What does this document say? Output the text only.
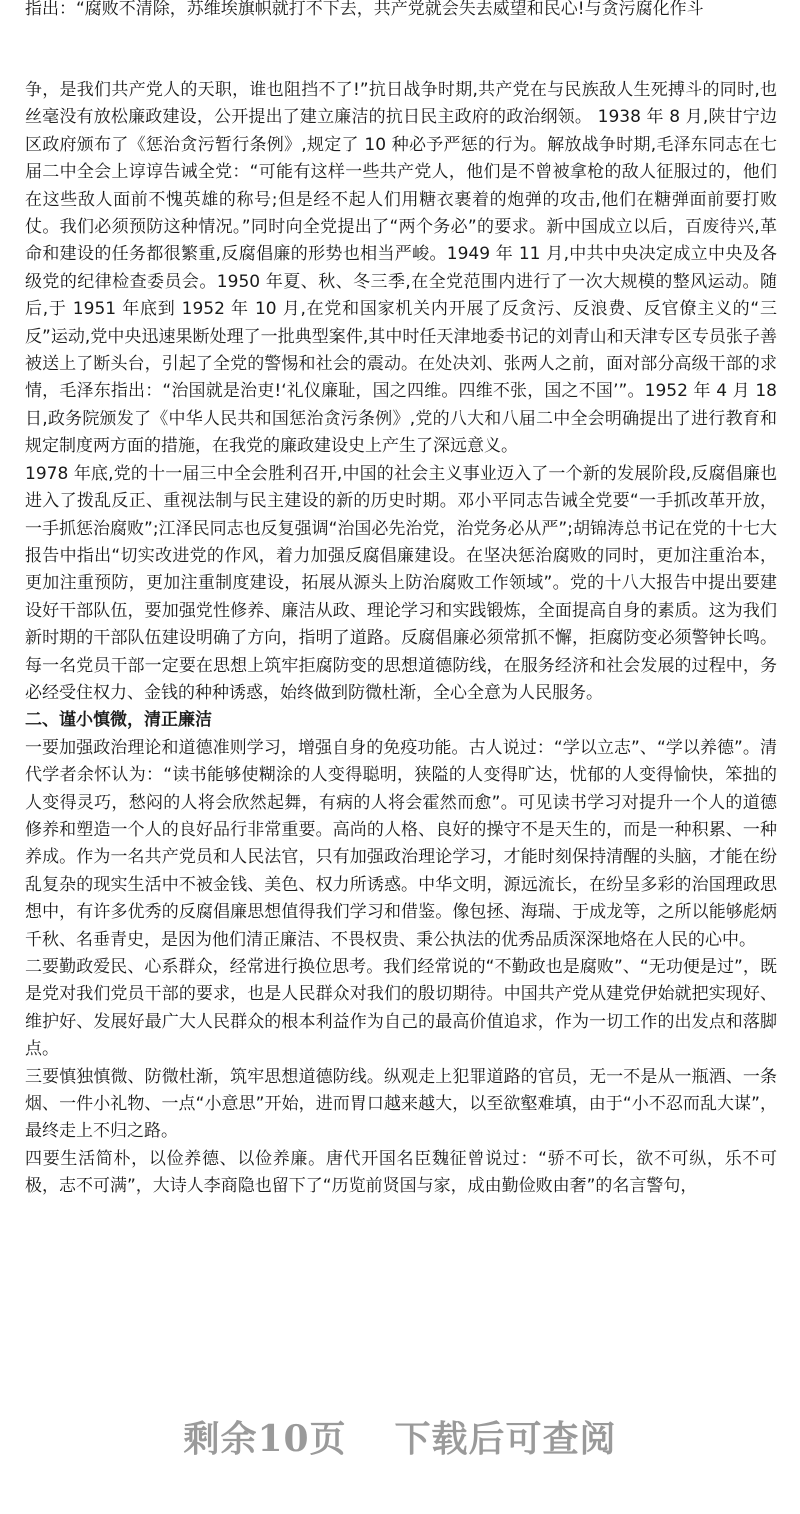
指出：“腐败不清除，苏维埃旗帜就打不下去，共产党就会失去威望和民心!与贪污腐化作斗

争，是我们共产党人的天职，谁也阻挡不了!”抗日战争时期,共产党在与民族敌人生死搏斗的同时,也丝毫没有放松廉政建设，公开提出了建立廉洁的抗日民主政府的政治纲领。 1938 年 8 月,陕甘宁边区政府颁布了《惩治贪污暂行条例》,规定了 10 种必予严惩的行为。解放战争时期,毛泽东同志在七届二中全会上谆谆告诫全党：“可能有这样一些共产党人，他们是不曾被拿枪的敌人征服过的，他们在这些敌人面前不愧英雄的称号;但是经不起人们用糖衣裹着的炮弹的攻击,他们在糖弹面前要打败仗。我们必须预防这种情况。”同时向全党提出了“两个务必”的要求。新中国成立以后，百废待兴,革命和建设的任务都很繁重,反腐倡廉的形势也相当严峻。1949 年 11 月,中共中央决定成立中央及各级党的纪律检查委员会。1950 年夏、秋、冬三季,在全党范围内进行了一次大规模的整风运动。随后,于 1951 年底到 1952 年 10 月,在党和国家机关内开展了反贪污、反浪费、反官僚主义的“三反”运动,党中央迅速果断处理了一批典型案件,其中时任天津地委书记的刘青山和天津专区专员张子善被送上了断头台，引起了全党的警惕和社会的震动。在处决刘、张两人之前，面对部分高级干部的求情，毛泽东指出：“治国就是治吏!‘礼仪廉耻，国之四维。四维不张，国之不国’”。1952 年 4 月 18 日,政务院颁发了《中华人民共和国惩治贪污条例》,党的八大和八届二中全会明确提出了进行教育和规定制度两方面的措施，在我党的廉政建设史上产生了深远意义。

1978 年底,党的十一届三中全会胜利召开,中国的社会主义事业迈入了一个新的发展阶段,反腐倡廉也进入了拨乱反正、重视法制与民主建设的新的历史时期。邓小平同志告诫全党要“一手抓改革开放，一手抓惩治腐败”;江泽民同志也反复强调“治国必先治党，治党务必从严”;胡锦涛总书记在党的十七大报告中指出“切实改进党的作风，着力加强反腐倡廉建设。在坚决惩治腐败的同时，更加注重治本，更加注重预防，更加注重制度建设，拓展从源头上防治腐败工作领域”。党的十八大报告中提出要建设好干部队伍，要加强党性修养、廉洁从政、理论学习和实践锻炼，全面提高自身的素质。这为我们新时期的干部队伍建设明确了方向，指明了道路。反腐倡廉必须常抓不懈，拒腐防变必须警钟长鸣。每一名党员干部一定要在思想上筑牢拒腐防变的思想道德防线，在服务经济和社会发展的过程中，务必经受住权力、金钱的种种诱惑，始终做到防微杜渐，全心全意为人民服务。

二、谨小慎微，清正廉洁

一要加强政治理论和道德准则学习，增强自身的免疫功能。古人说过：“学以立志”、“学以养德”。清代学者余怀认为：“读书能够使糊涂的人变得聪明，狭隘的人变得旷达，忧郁的人变得愉快，笨拙的人变得灵巧，愁闷的人将会欣然起舞，有病的人将会霍然而愈”。可见读书学习对提升一个人的道德修养和塑造一个人的良好品行非常重要。高尚的人格、良好的操守不是天生的，而是一种积累、一种养成。作为一名共产党员和人民法官，只有加强政治理论学习，才能时刻保持清醒的头脑，才能在纷乱复杂的现实生活中不被金钱、美色、权力所诱惑。中华文明，源远流长，在纷呈多彩的治国理政思想中，有许多优秀的反腐倡廉思想值得我们学习和借鉴。像包拯、海瑞、于成龙等，之所以能够彪炳千秋、名垂青史，是因为他们清正廉洁、不畏权贵、秉公执法的优秀品质深深地烙在人民的心中。

二要勤政爱民、心系群众，经常进行换位思考。我们经常说的“不勤政也是腐败”、“无功便是过”，既是党对我们党员干部的要求，也是人民群众对我们的殷切期待。中国共产党从建党伊始就把实现好、维护好、发展好最广大人民群众的根本利益作为自己的最高价值追求，作为一切工作的出发点和落脚点。

三要慎独慎微、防微杜渐，筑牢思想道德防线。纵观走上犯罪道路的官员，无一不是从一瓶酒、一条烟、一件小礼物、一点“小意思”开始，进而胃口越来越大，以至欲壑难填，由于“小不忍而乱大谋”，最终走上不归之路。

四要生活简朴，以俭养德、以俭养廉。唐代开国名臣魏征曾说过：“骄不可长，欲不可纵，乐不可极，志不可满”，大诗人李商隐也留下了“历览前贤国与家，成由勤俭败由奢”的名言警句，

剩余10页 下载后可查阅
